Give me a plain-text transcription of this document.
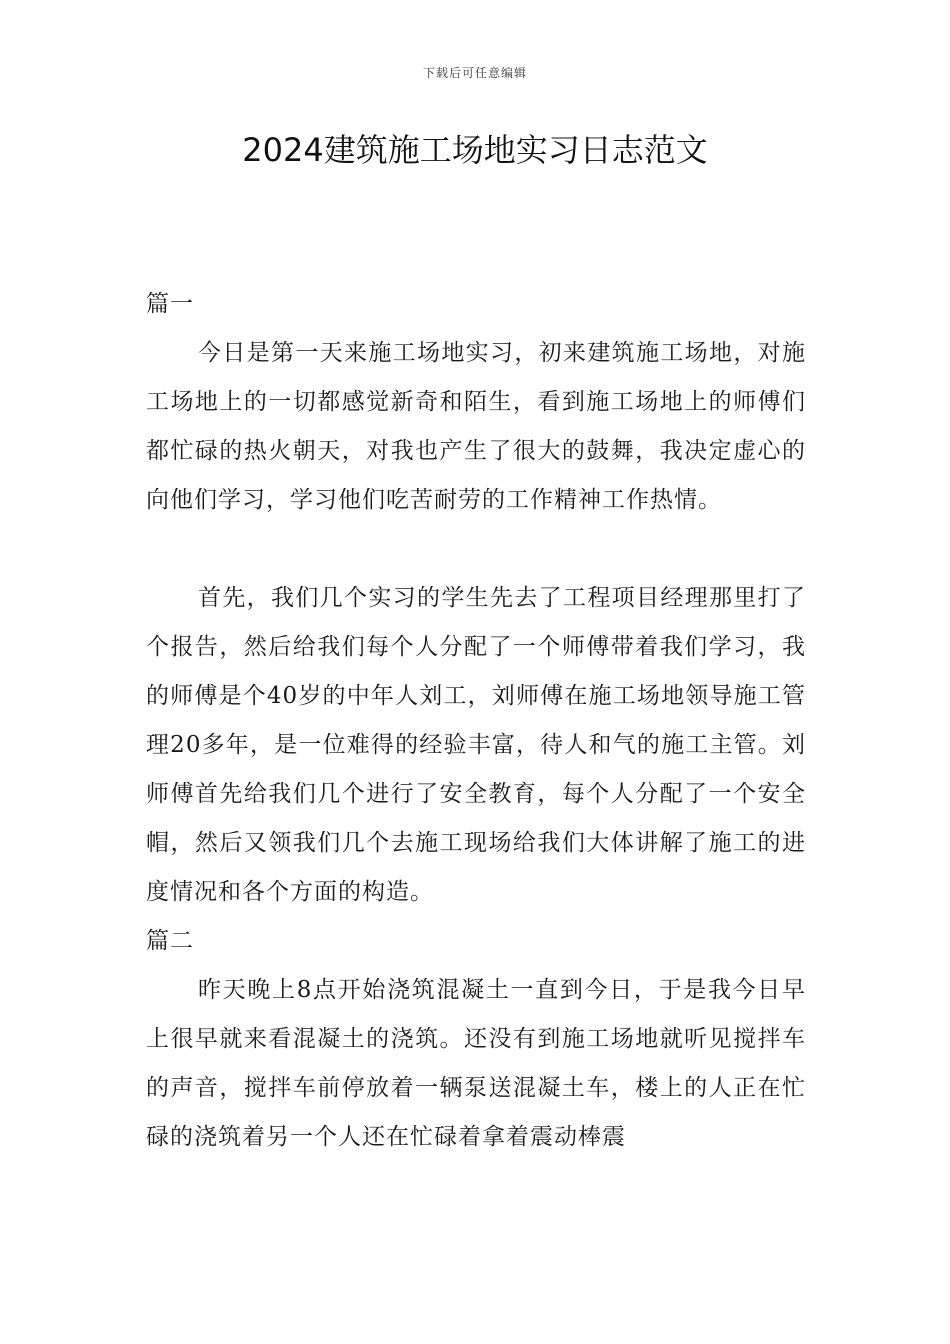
下载后可任意编辑
2024建筑施工场地实习日志范文

篇一

今日是第一天来施工场地实习，初来建筑施工场地，对施工场地上的一切都感觉新奇和陌生，看到施工场地上的师傅们都忙碌的热火朝天，对我也产生了很大的鼓舞，我决定虚心的向他们学习，学习他们吃苦耐劳的工作精神工作热情。

首先，我们几个实习的学生先去了工程项目经理那里打了个报告，然后给我们每个人分配了一个师傅带着我们学习，我的师傅是个40岁的中年人刘工，刘师傅在施工场地领导施工管理20多年，是一位难得的经验丰富，待人和气的施工主管。刘师傅首先给我们几个进行了安全教育，每个人分配了一个安全帽，然后又领我们几个去施工现场给我们大体讲解了施工的进度情况和各个方面的构造。

篇二

昨天晚上8点开始浇筑混凝土一直到今日，于是我今日早上很早就来看混凝土的浇筑。还没有到施工场地就听见搅拌车的声音，搅拌车前停放着一辆泵送混凝土车，楼上的人正在忙碌的浇筑着另一个人还在忙碌着拿着震动棒震
